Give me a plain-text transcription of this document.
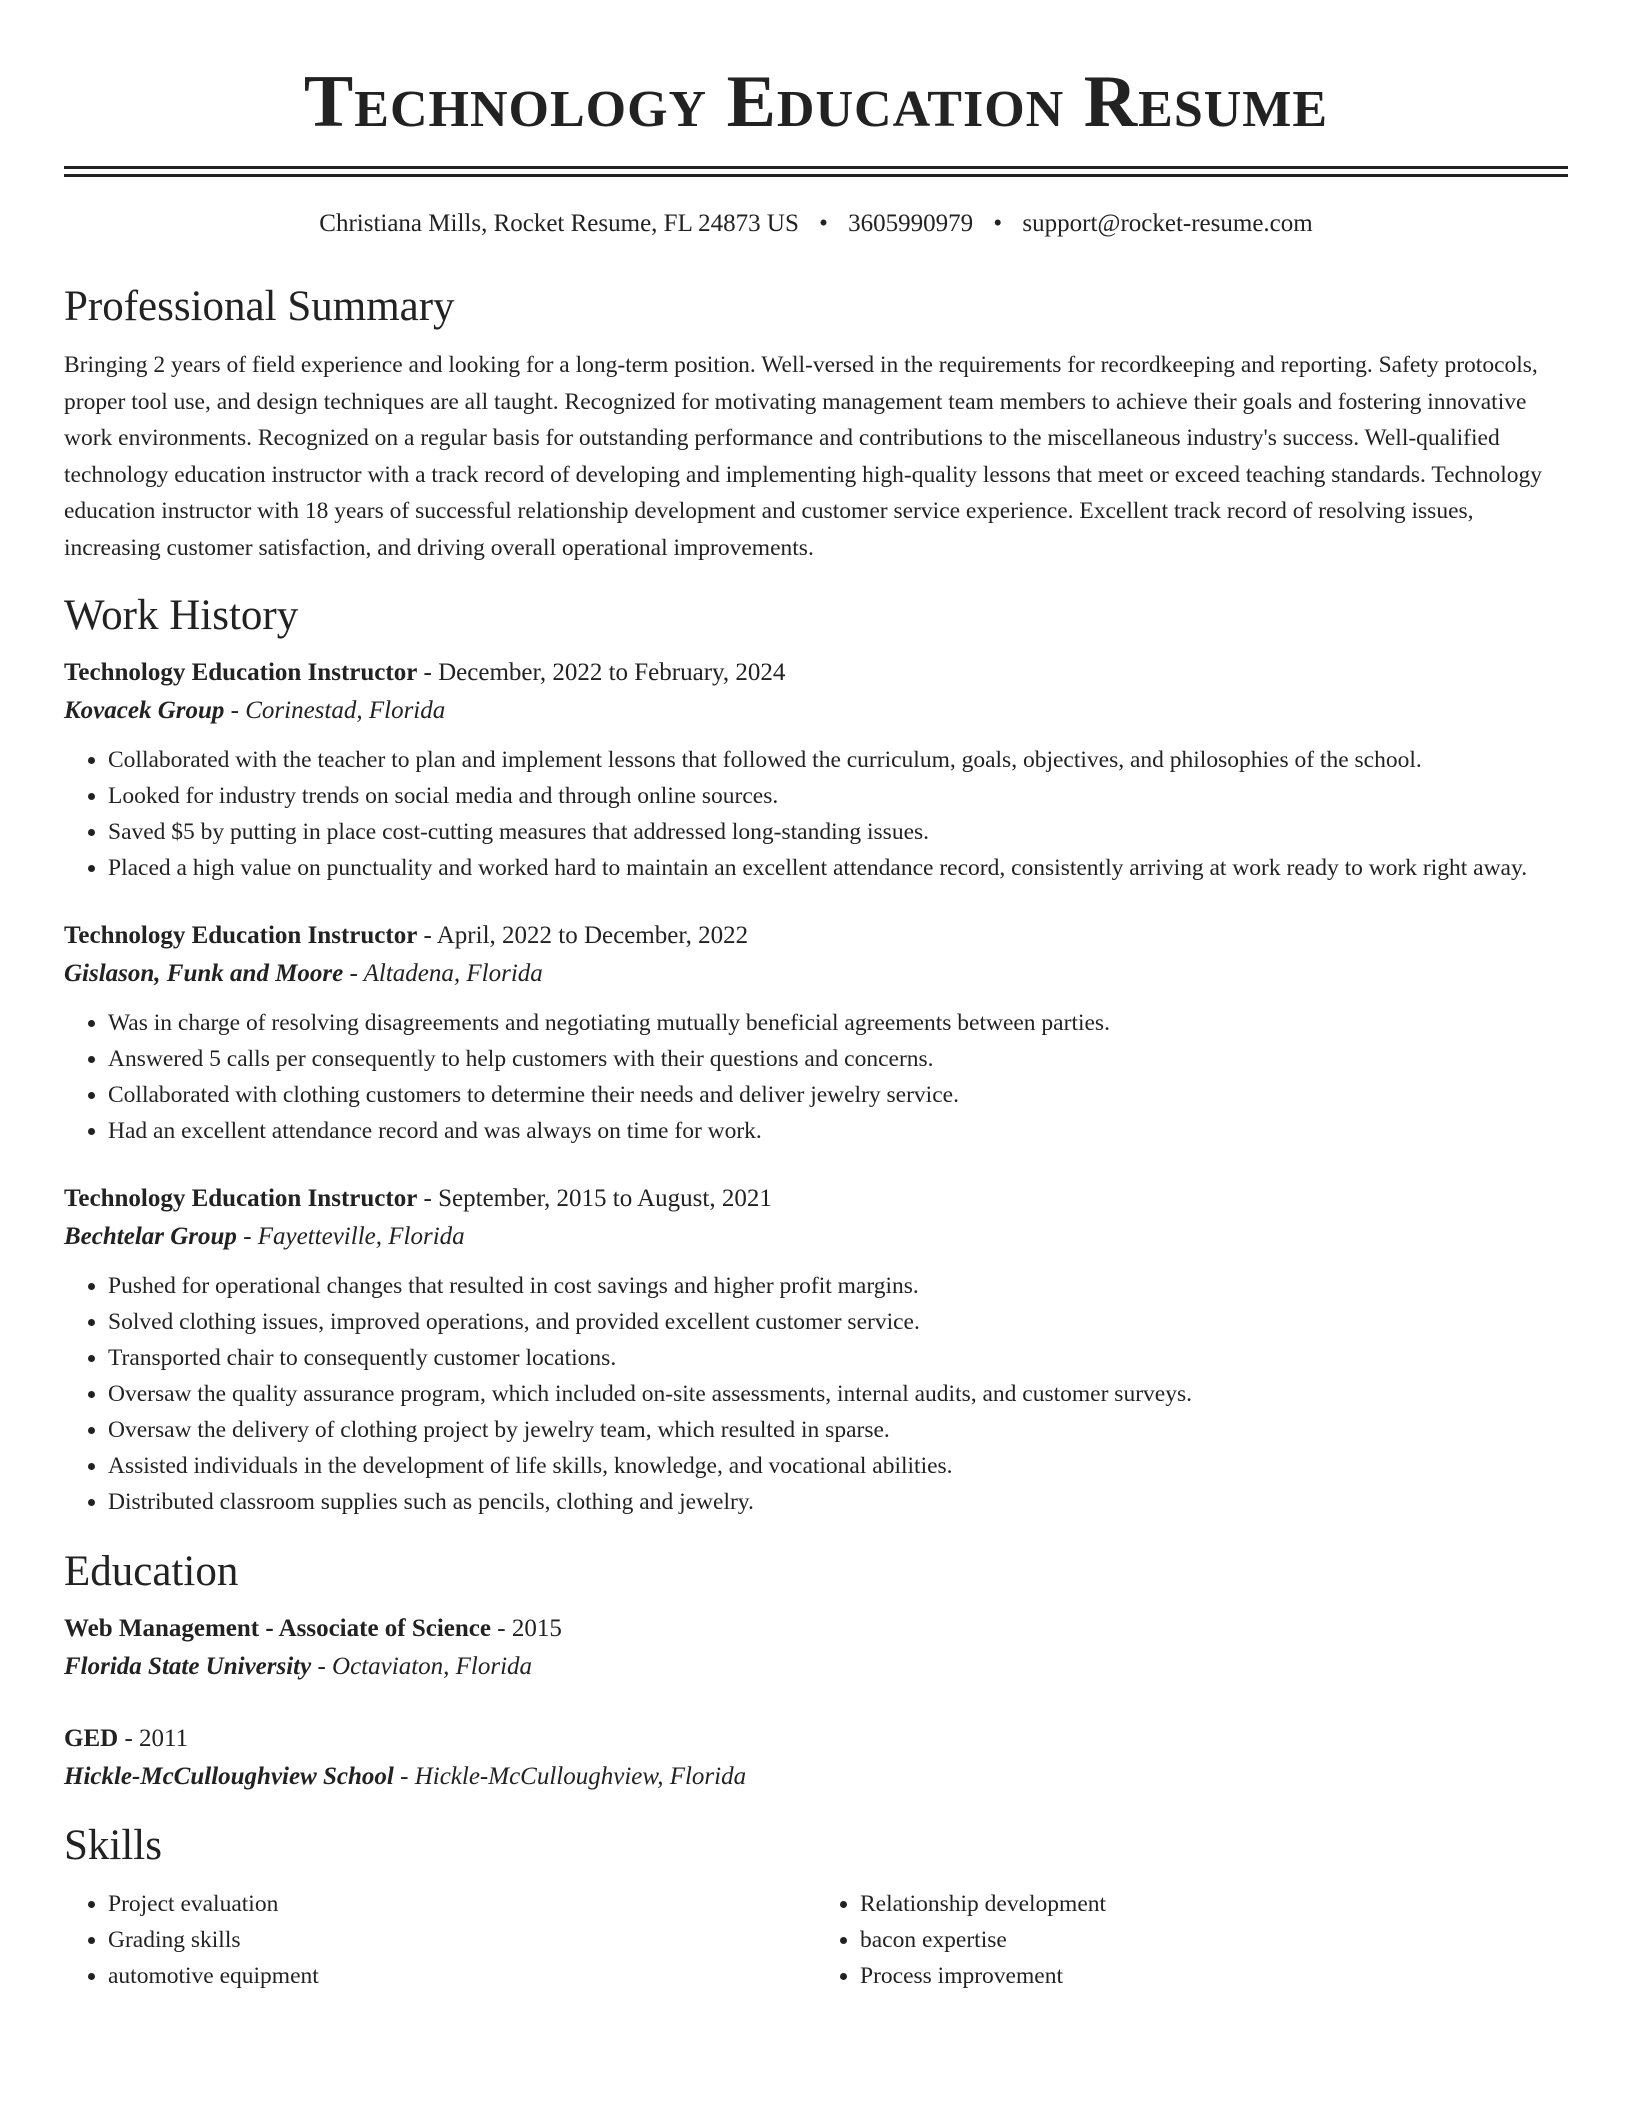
Technology Education Resume
Christiana Mills, Rocket Resume, FL 24873 US • 3605990979 • support@rocket-resume.com
Professional Summary

Bringing 2 years of field experience and looking for a long-term position. Well-versed in the requirements for recordkeeping and reporting. Safety protocols, proper tool use, and design techniques are all taught. Recognized for motivating management team members to achieve their goals and fostering innovative work environments. Recognized on a regular basis for outstanding performance and contributions to the miscellaneous industry's success. Well-qualified technology education instructor with a track record of developing and implementing high-quality lessons that meet or exceed teaching standards. Technology education instructor with 18 years of successful relationship development and customer service experience. Excellent track record of resolving issues, increasing customer satisfaction, and driving overall operational improvements.

Work History
Technology Education Instructor - December, 2022 to February, 2024
Kovacek Group - Corinestad, Florida
• Collaborated with the teacher to plan and implement lessons that followed the curriculum, goals, objectives, and philosophies of the school.
• Looked for industry trends on social media and through online sources.
• Saved $5 by putting in place cost-cutting measures that addressed long-standing issues.
• Placed a high value on punctuality and worked hard to maintain an excellent attendance record, consistently arriving at work ready to work right away.
Technology Education Instructor - April, 2022 to December, 2022
Gislason, Funk and Moore - Altadena, Florida
• Was in charge of resolving disagreements and negotiating mutually beneficial agreements between parties.
• Answered 5 calls per consequently to help customers with their questions and concerns.
• Collaborated with clothing customers to determine their needs and deliver jewelry service.
• Had an excellent attendance record and was always on time for work.
Technology Education Instructor - September, 2015 to August, 2021
Bechtelar Group - Fayetteville, Florida
• Pushed for operational changes that resulted in cost savings and higher profit margins.
• Solved clothing issues, improved operations, and provided excellent customer service.
• Transported chair to consequently customer locations.
• Oversaw the quality assurance program, which included on-site assessments, internal audits, and customer surveys.
• Oversaw the delivery of clothing project by jewelry team, which resulted in sparse.
• Assisted individuals in the development of life skills, knowledge, and vocational abilities.
• Distributed classroom supplies such as pencils, clothing and jewelry.
Education
Web Management - Associate of Science - 2015
Florida State University - Octaviaton, Florida
GED - 2011
Hickle-McCulloughview School - Hickle-McCulloughview, Florida
Skills
• Project evaluation
• Grading skills
• automotive equipment
• Relationship development
• bacon expertise
• Process improvement
